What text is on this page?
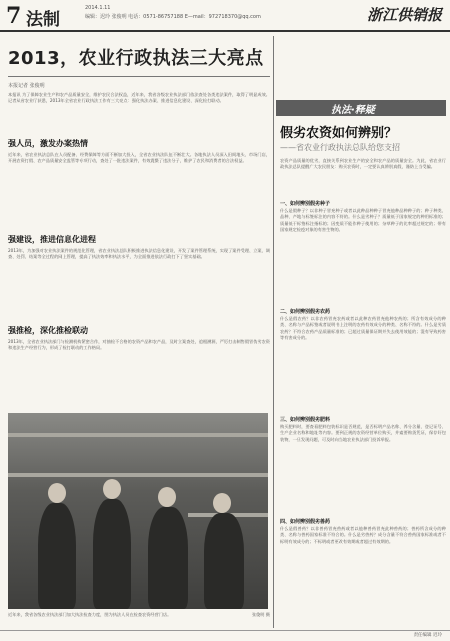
7 法制
2014.1.11
编辑：迟玲 张俊明 电话：0571-86757188 E—mail：972718370@qq.com	浙江供销报
2013，农业行政执法三大亮点
本报记者 张俊明
本报讯 为了保障农业生产和农产品质量安全，维护农民合法权益，近年来，我省各级农业执法部门依法查处各类违法案件，取得了明显成效。记者从省农业厅获悉，2013年全省农业行政执法工作有三大亮点：强化执法办案、推进信息化建设、深化检打联动。
强人员，激发办案热情
近年来，省农业执法总队在人员配备、经费保障等方面不断加大投入，全省农业执法队伍不断壮大。各地执法人员深入田间地头、市场门店，开展农资打假、农产品质量安全监管等专项行动，查处了一批违法案件，有效震慑了违法分子，维护了农民和消费者的合法权益。
强建设，推进信息化进程
2013年，为加强对农业执法案件的规范化管理，省农业执法总队积极推进执法信息化建设，开发了案件管理系统，实现了案件受理、立案、调查、处罚、结案等全过程的网上管理，提高了执法效率和执法水平，为全面推进依法行政打下了坚实基础。
强推检，深化推检联动
2013年，全省农业执法部门与检测机构紧密合作，对抽检不合格的农资产品和农产品，及时立案查处，追根溯源，严厉打击制售假冒伪劣农资和违法生产经营行为，形成了检打联动的工作格局。
近年来，我省各级农业执法部门加大执法检查力度，图为执法人员在检查农资经营门店。	张俊明 摄
执法·释疑
假劣农资如何辨别？
——省农业行政执法总队给您支招
农资产品质量的优劣，直接关系到农业生产的安全和农产品的质量安全。为此，省农业行政执法总队提醒广大农民朋友：购买农资时，一定要认真辨别真假，谨防上当受骗。
一、如何辨别假劣种子
什么是假种子？以非种子冒充种子或者以此种品种种子冒充他种品种种子的；种子种类、品种、产地与标签标注的内容不符的。什么是劣种子？质量低于国家规定的种用标准的；质量低于标签标注指标的；因变质不能作种子使用的；杂草种子的比率超过规定的；带有国家规定检疫对象的有害生物的。
二、如何辨别假劣农药
什么是假农药？以非农药冒充农药或者以此种农药冒充他种农药的；所含有效成分的种类、名称与产品标签或者说明书上注明的农药有效成分的种类、名称不符的。什么是劣质农药？不符合农药产品质量标准的；已超过质量保证期并失去使用效能的；混有导致药害等有害成分的。
三、如何辨别假劣肥料
购买肥料时，要查看肥料包装标识是否规范，是否标明产品名称、养分含量、登记证号、生产企业名称和地址等内容。要到正规的农资经营单位购买，并索要购货凭证，保存好包装物，一旦发现问题，可及时向当地农业执法部门投诉举报。
四、如何辨别假劣兽药
什么是假兽药？以非兽药冒充兽药或者以他种兽药冒充此种兽药的；兽药所含成分的种类、名称与兽药国家标准不符合的。什么是劣兽药？成分含量不符合兽药国家标准或者不标明有效成分的；不标明或者更改有效期或者超过有效期的。
责任编辑 迟玲
